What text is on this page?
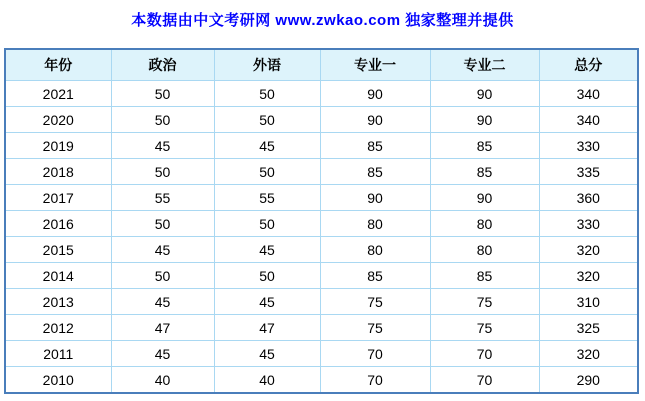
本数据由中文考研网 www.zwkao.com 独家整理并提供
年份	政治	外语	专业一	专业二	总分
2021	50	50	90	90	340
2020	50	50	90	90	340
2019	45	45	85	85	330
2018	50	50	85	85	335
2017	55	55	90	90	360
2016	50	50	80	80	330
2015	45	45	80	80	320
2014	50	50	85	85	320
2013	45	45	75	75	310
2012	47	47	75	75	325
2011	45	45	70	70	320
2010	40	40	70	70	290
